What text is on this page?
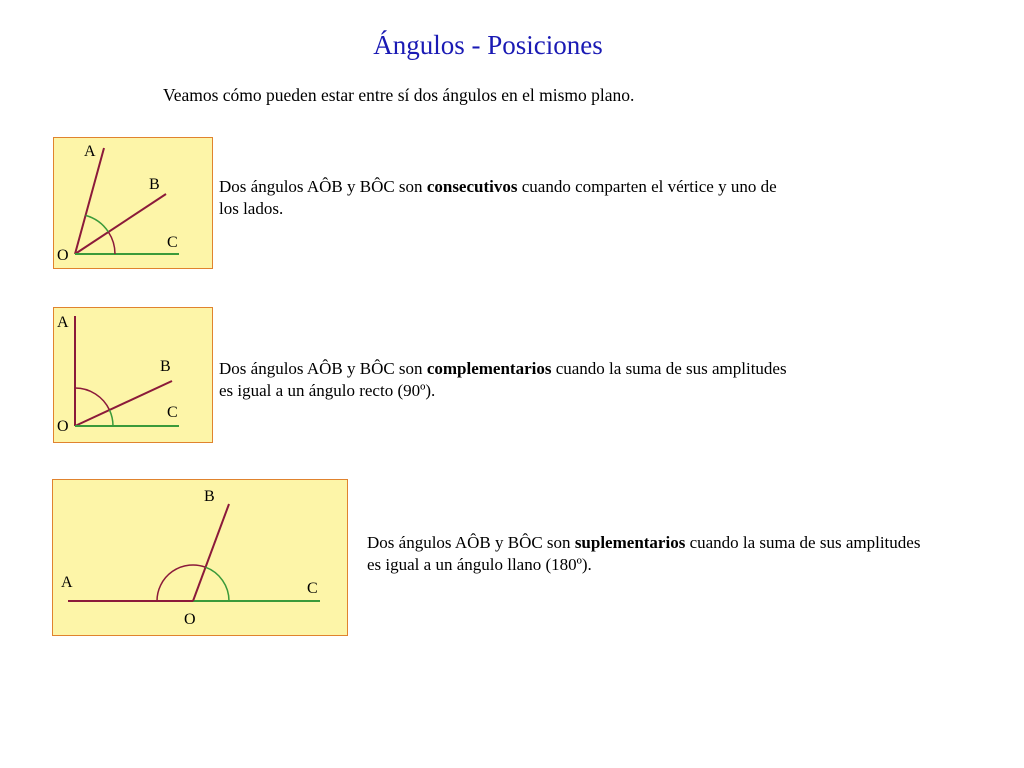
Ángulos - Posiciones
Veamos cómo pueden estar entre sí dos ángulos en el mismo plano.
A
B
C
O
Dos ángulos AÔB y BÔC son consecutivos cuando comparten el vértice y uno de los lados.
A
B
C
O
Dos ángulos AÔB y BÔC son complementarios cuando la suma de sus amplitudes es igual a un ángulo recto (90º).
B
A	C
O
Dos ángulos AÔB y BÔC son suplementarios cuando la suma de sus amplitudes es igual a un ángulo llano (180º).
